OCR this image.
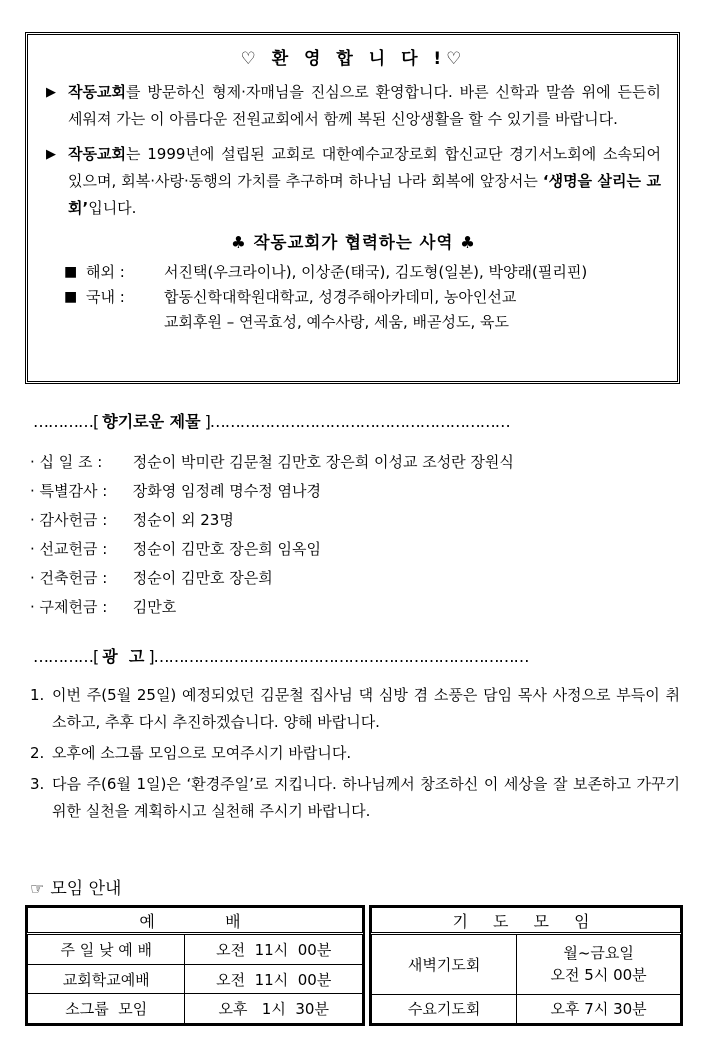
♡ 환 영 합 니 다 !♡
▶ 작동교회를 방문하신 형제·자매님을 진심으로 환영합니다. 바른 신학과 말씀 위에 든든히 세워져 가는 이 아름다운 전원교회에서 함께 복된 신앙생활을 할 수 있기를 바랍니다.
▶ 작동교회는 1999년에 설립된 교회로 대한예수교장로회 합신교단 경기서노회에 소속되어 있으며, 회복·사랑·동행의 가치를 추구하며 하나님 나라 회복에 앞장서는 ‘생명을 살리는 교회’입니다.
♣ 작동교회가 협력하는 사역 ♣
■ 해외 :	서진택(우크라이나), 이상준(태국), 김도형(일본), 박양래(필리핀)
■ 국내 :	합동신학대학원대학교, 성경주해아카데미, 농아인선교
교회후원 – 연곡효성, 예수사랑, 세움, 배곧성도, 육도
…………[ 향기로운 제물 ]……………………………………………………
· 십 일 조 :	정순이 박미란 김문철 김만호 장은희 이성교 조성란 장원식
· 특별감사 :	장화영 임정례 명수정 염나경
· 감사헌금 :	정순이 외 23명
· 선교헌금 :	정순이 김만호 장은희 임옥임
· 건축헌금 :	정순이 김만호 장은희
· 구제헌금 :	김만호
…………[ 광  고 ]…………………………………………………………………
1. 이번 주(5월 25일) 예정되었던 김문철 집사님 댁 심방 겸 소풍은 담임 목사 사정으로 부득이 취소하고, 추후 다시 추진하겠습니다. 양해 바랍니다.
2. 오후에 소그룹 모임으로 모여주시기 바랍니다.
3. 다음 주(6월 1일)은 ‘환경주일’로 지킵니다. 하나님께서 창조하신 이 세상을 잘 보존하고 가꾸기 위한 실천을 계획하시고 실천해 주시기 바랍니다.
☞ 모임 안내
예    배	
주 일 낮 예 배	오전  11시  00분
교회학교예배	오전  11시  00분
소그룹  모임	오후   1시  30분
기 도 모 임	
새벽기도회	월~금요일
오전 5시 00분

수요기도회	오후 7시 30분
